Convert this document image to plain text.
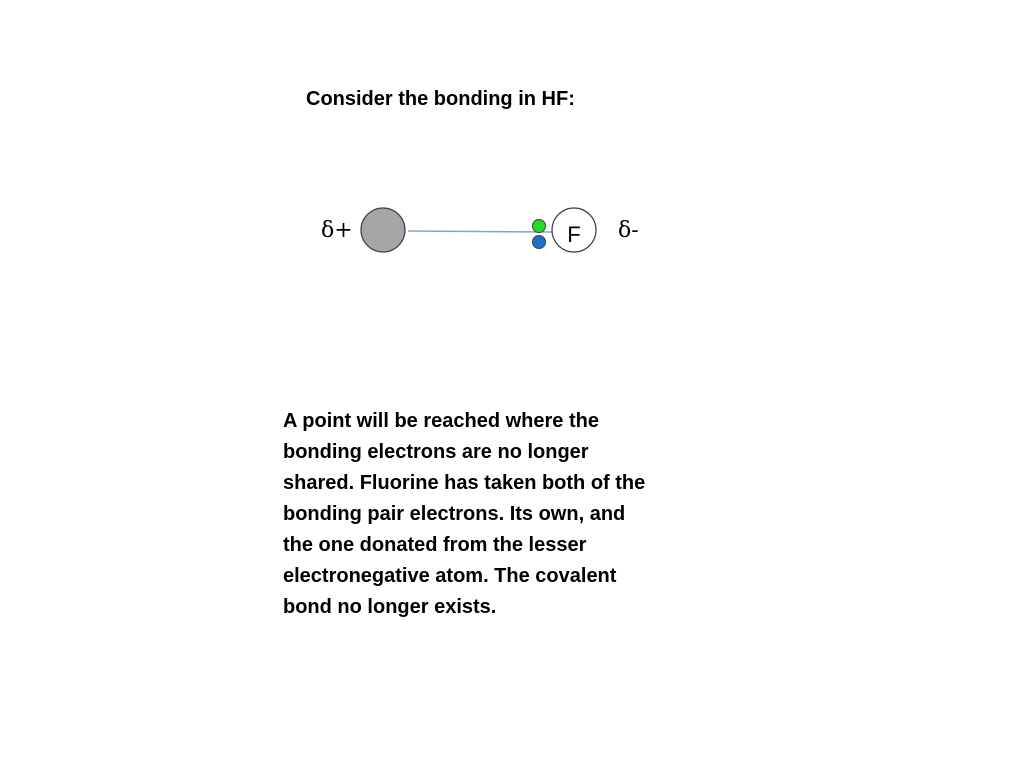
Consider the bonding in HF:
δ+	F δ-
A point will be reached where the
bonding electrons are no longer
shared. Fluorine has taken both of the
bonding pair electrons. Its own, and
the one donated from the lesser
electronegative atom. The covalent
bond no longer exists.
